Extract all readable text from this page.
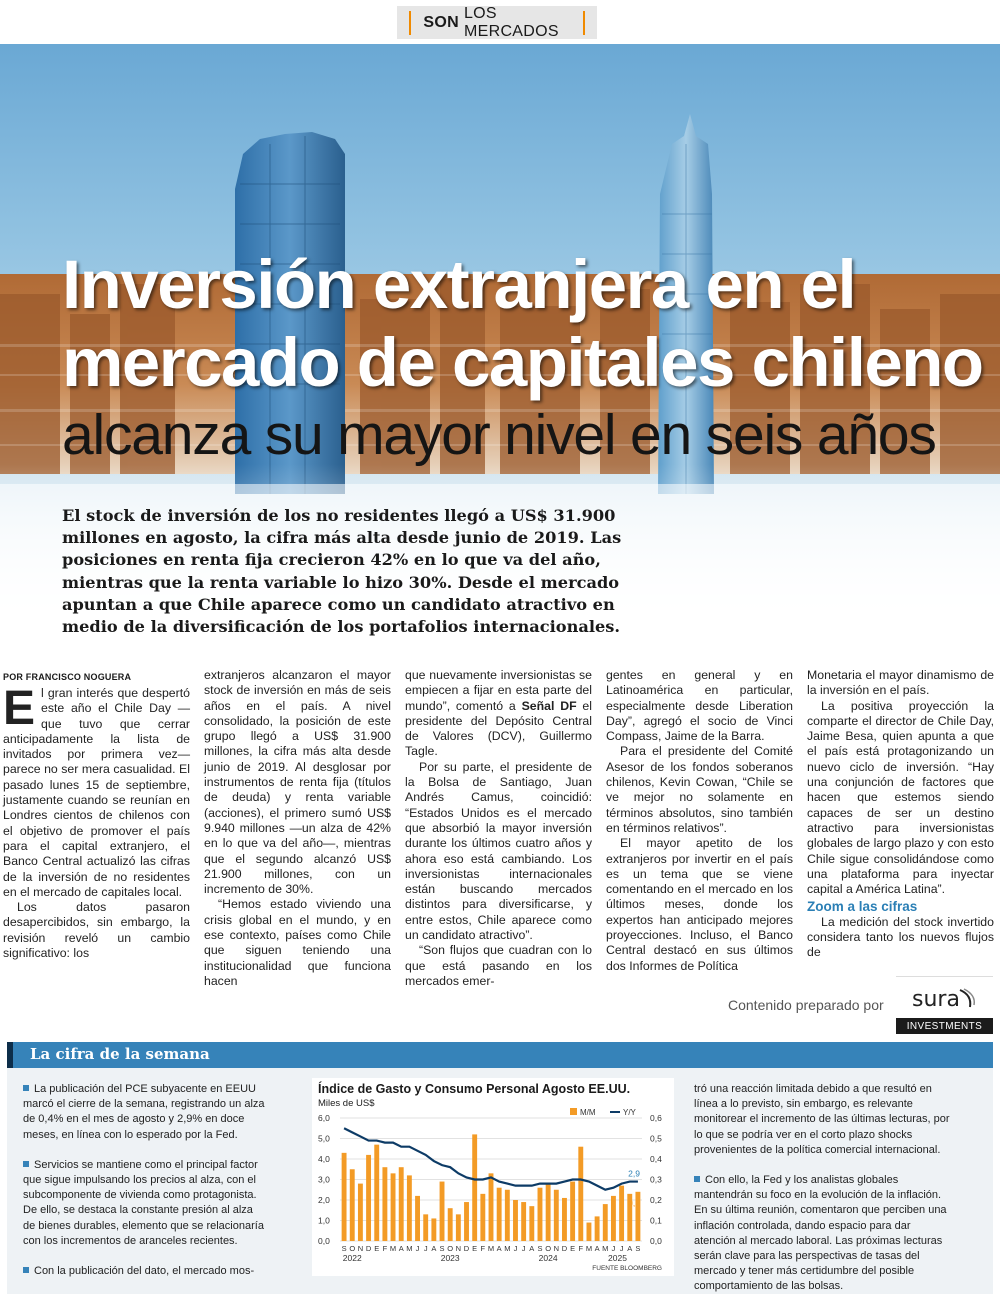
SON
LOS MERCADOS
Inversión extranjera en el
mercado de capitales chileno
alcanza su mayor nivel en seis años
El stock de inversión de los no residentes llegó a US$ 31.900 millones en agosto, la cifra más alta desde junio de 2019. Las posiciones en renta fija crecieron 42% en lo que va del año, mientras que la renta variable lo hizo 30%. Desde el mercado apuntan a que Chile aparece como un candidato atractivo en medio de la diversificación de los portafolios internacionales.
POR FRANCISCO NOGUERA

El gran interés que despertó este año el Chile Day —que tuvo que cerrar anticipadamente la lista de invitados por primera vez— parece no ser mera casualidad. El pasado lunes 15 de septiembre, justamente cuando se reunían en Londres cientos de chilenos con el objetivo de promover el país para el capital extranjero, el Banco Central actualizó las cifras de la inversión de no residentes en el mercado de capitales local.

Los datos pasaron desapercibidos, sin embargo, la revisión reveló un cambio significativo: los

extranjeros alcanzaron el mayor stock de inversión en más de seis años en el país. A nivel consolidado, la posición de este grupo llegó a US$ 31.900 millones, la cifra más alta desde junio de 2019. Al desglosar por instrumentos de renta fija (títulos de deuda) y renta variable (acciones), el primero sumó US$ 9.940 millones —un alza de 42% en lo que va del año—, mientras que el segundo alcanzó US$ 21.900 millones, con un incremento de 30%.

“Hemos estado viviendo una crisis global en el mundo, y en ese contexto, países como Chile que siguen teniendo una institucionalidad que funciona hacen

que nuevamente inversionistas se empiecen a fijar en esta parte del mundo”, comentó a Señal DF el presidente del Depósito Central de Valores (DCV), Guillermo Tagle.

Por su parte, el presidente de la Bolsa de Santiago, Juan Andrés Camus, coincidió: “Estados Unidos es el mercado que absorbió la mayor inversión durante los últimos cuatro años y ahora eso está cambiando. Los inversionistas internacionales están buscando mercados distintos para diversificarse, y entre estos, Chile aparece como un candidato atractivo”.

“Son flujos que cuadran con lo que está pasando en los mercados emer-

gentes en general y en Latinoamérica en particular, especialmente desde Liberation Day”, agregó el socio de Vinci Compass, Jaime de la Barra.

Para el presidente del Comité Asesor de los fondos soberanos chilenos, Kevin Cowan, “Chile se ve mejor no solamente en términos absolutos, sino también en términos relativos”.

El mayor apetito de los extranjeros por invertir en el país es un tema que se viene comentando en el mercado en los últimos meses, donde los expertos han anticipado mejores proyecciones. Incluso, el Banco Central destacó en sus últimos dos Informes de Política

Monetaria el mayor dinamismo de la inversión en el país.

La positiva proyección la comparte el director de Chile Day, Jaime Besa, quien apunta a que el país está protagonizando un nuevo ciclo de inversión. “Hay una conjunción de factores que hacen que estemos siendo capaces de ser un destino atractivo para inversionistas globales de largo plazo y con esto Chile sigue consolidándose como una plataforma para inyectar capital a América Latina”.

Zoom a las cifras

La medición del stock invertido considera tanto los nuevos flujos de

Contenido preparado por sura
INVESTMENTS
La cifra de la semana

La publicación del PCE subyacente en EEUU marcó el cierre de la semana, registrando un alza de 0,4% en el mes de agosto y 2,9% en doce meses, en línea con lo esperado por la Fed.

Servicios se mantiene como el principal factor que sigue impulsando los precios al alza, con el subcomponente de vivienda como protagonista. De ello, se destaca la constante presión al alza de bienes durables, elemento que se relacionaría con los incrementos de aranceles recientes.

Con la publicación del dato, el mercado mos-

Índice de Gasto y Consumo Personal Agosto EE.UU.
Miles de US$
0,0
1,0
2,0
3,0
4,0
5,0
6,0
0,0
0,1
0,2
0,3
0,4
0,5
0,6
S O N D E F M A M J J A S O N D E F M A M J J A S O N D E F M A M J J A S
2022	2023	2024	2025
M/M	Y/Y
2,9
0,2
FUENTE BLOOMBERG

tró una reacción limitada debido a que resultó en línea a lo previsto, sin embargo, es relevante monitorear el incremento de las últimas lecturas, por lo que se podría ver en el corto plazo shocks provenientes de la política comercial internacional.

Con ello, la Fed y los analistas globales mantendrán su foco en la evolución de la inflación. En su última reunión, comentaron que perciben una inflación controlada, dando espacio para dar atención al mercado laboral. Las próximas lecturas serán clave para las perspectivas de tasas del mercado y tener más certidumbre del posible comportamiento de las bolsas.
